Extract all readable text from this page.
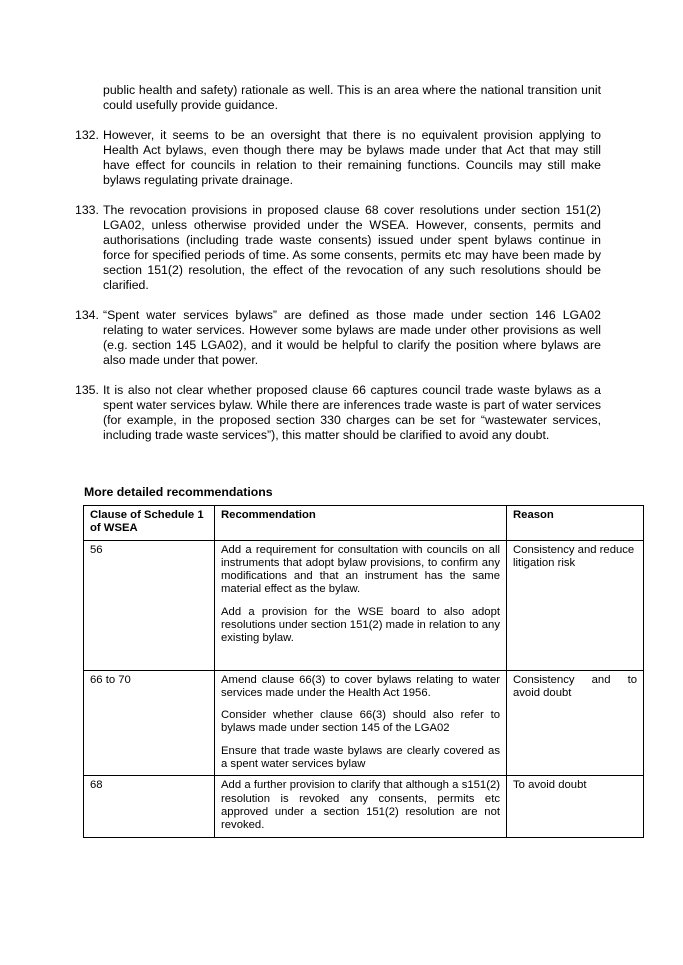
public health and safety) rationale as well. This is an area where the national transition unit could usefully provide guidance.
132. However, it seems to be an oversight that there is no equivalent provision applying to Health Act bylaws, even though there may be bylaws made under that Act that may still have effect for councils in relation to their remaining functions. Councils may still make bylaws regulating private drainage.
133. The revocation provisions in proposed clause 68 cover resolutions under section 151(2) LGA02, unless otherwise provided under the WSEA. However, consents, permits and authorisations (including trade waste consents) issued under spent bylaws continue in force for specified periods of time. As some consents, permits etc may have been made by section 151(2) resolution, the effect of the revocation of any such resolutions should be clarified.
134. “Spent water services bylaws” are defined as those made under section 146 LGA02 relating to water services. However some bylaws are made under other provisions as well (e.g. section 145 LGA02), and it would be helpful to clarify the position where bylaws are also made under that power.
135. It is also not clear whether proposed clause 66 captures council trade waste bylaws as a spent water services bylaw. While there are inferences trade waste is part of water services (for example, in the proposed section 330 charges can be set for “wastewater services, including trade waste services”), this matter should be clarified to avoid any doubt.
More detailed recommendations
Clause of Schedule 1 of WSEA	Recommendation	Reason
56	Add a requirement for consultation with councils on all instruments that adopt bylaw provisions, to confirm any modifications and that an instrument has the same material effect as the bylaw.

Add a provision for the WSE board to also adopt resolutions under section 151(2) made in relation to any existing bylaw.	Consistency and reduce litigation risk
66 to 70	Amend clause 66(3) to cover bylaws relating to water services made under the Health Act 1956.

Consider whether clause 66(3) should also refer to bylaws made under section 145 of the LGA02

Ensure that trade waste bylaws are clearly covered as a spent water services bylaw	Consistency and to avoid doubt

68	Add a further provision to clarify that although a s151(2) resolution is revoked any consents, permits etc approved under a section 151(2) resolution are not revoked.	To avoid doubt
